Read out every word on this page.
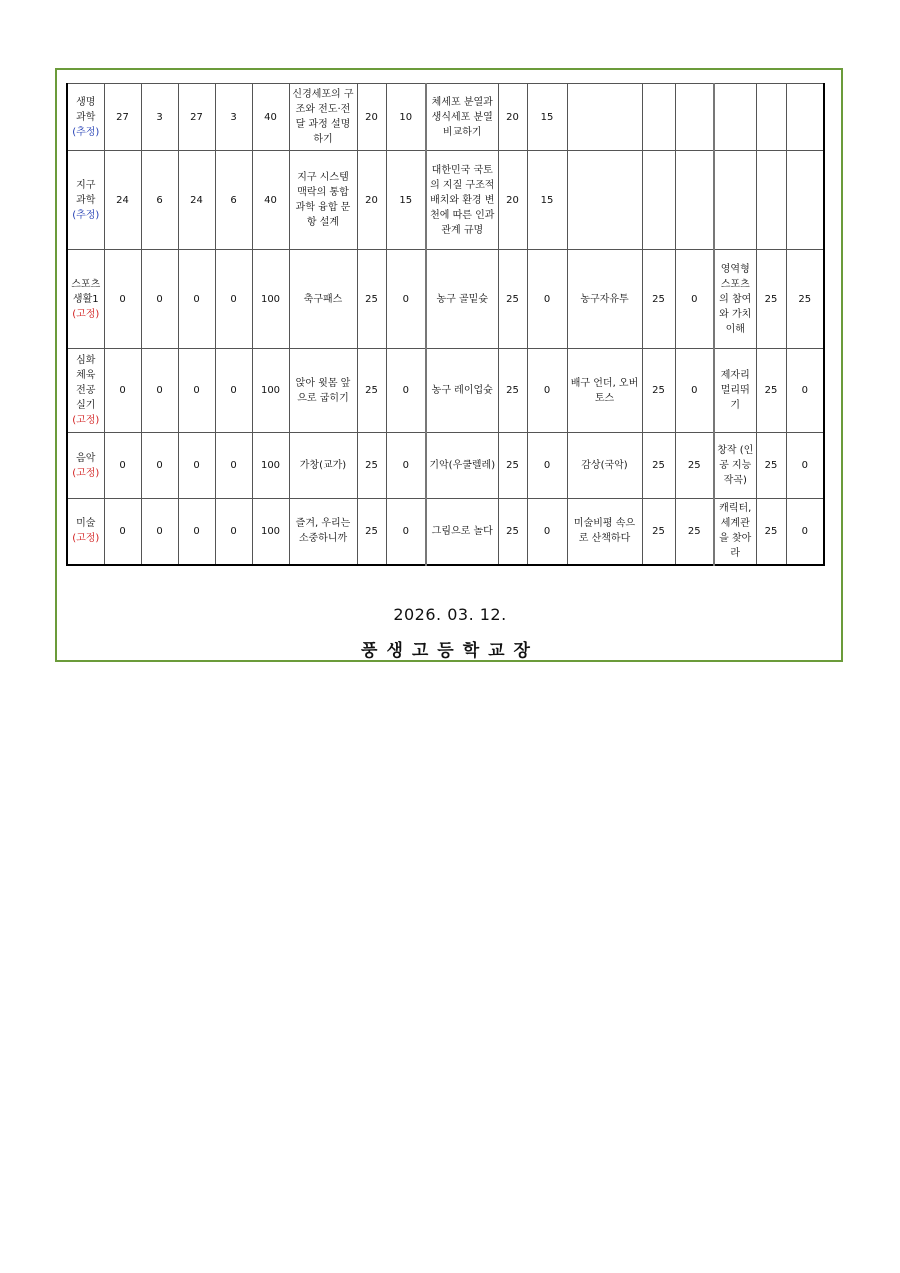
생명 과학
(추정)	27	3	27	3	40	신경세포의 구조와 전도·전달 과정 설명하기	20	10	체세포 분열과 생식세포 분열 비교하기	20	15						

지구 과학
(추정)	24	6	24	6	40	지구 시스템 맥락의 통합 과학 융합 문항 설계	20	15	대한민국 국토의 지질 구조적 배치와 환경 변천에 따른 인과관계 규명	20	15						

스포츠생활1
(고정)	0	0	0	0	100	축구패스	25	0	농구 골밑슛	25	0	농구자유투	25	0	영역형 스포츠의 참여와 가치이해	25	25

심화 체육 전공 실기
(고정)	0	0	0	0	100	앉아 윗몸 앞으로 굽히기	25	0	농구 레이업슛	25	0	배구 언더, 오버토스	25	0	제자리 멀리뛰기	25	0

음악
(고정)	0	0	0	0	100	가창(교가)	25	0	기악(우쿨렐레)	25	0	감상(국악)	25	25	창작 (인공 지능 작곡)	25	0

미술
(고정)	0	0	0	0	100	즐겨, 우리는 소중하니까	25	0	그림으로 놀다	25	0	미술비평 속으로 산책하다	25	25	캐릭터, 세계관을 찾아라	25	0
2026. 03. 12.
풍생고등학교장
